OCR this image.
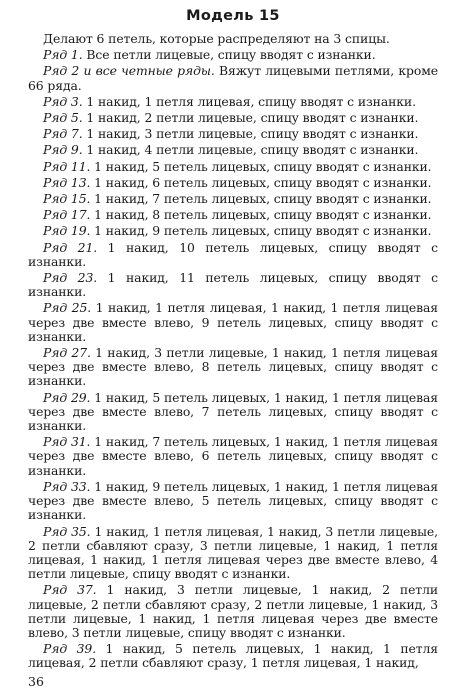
Модель 15

Делают 6 петель, которые распределяют на 3 спицы.

Ряд 1. Все петли лицевые, спицу вводят с изнанки.

Ряд 2 и все четные ряды. Вяжут лицевыми петлями, кроме 66 ряда.

Ряд 3. 1 накид, 1 петля лицевая, спицу вводят с изнанки.

Ряд 5. 1 накид, 2 петли лицевые, спицу вводят с изнанки.

Ряд 7. 1 накид, 3 петли лицевые, спицу вводят с изнанки.

Ряд 9. 1 накид, 4 петли лицевые, спицу вводят с изнанки.

Ряд 11. 1 накид, 5 петель лицевых, спицу вводят с изнанки.

Ряд 13. 1 накид, 6 петель лицевых, спицу вводят с изнанки.

Ряд 15. 1 накид, 7 петель лицевых, спицу вводят с изнанки.

Ряд 17. 1 накид, 8 петель лицевых, спицу вводят с изнанки.

Ряд 19. 1 накид, 9 петель лицевых, спицу вводят с изнанки.

Ряд 21. 1 накид, 10 петель лицевых, спицу вводят с изнанки.

Ряд 23. 1 накид, 11 петель лицевых, спицу вводят с изнанки.

Ряд 25. 1 накид, 1 петля лицевая, 1 накид, 1 петля лицевая через две вместе влево, 9 петель лицевых, спицу вводят с изнанки.

Ряд 27. 1 накид, 3 петли лицевые, 1 накид, 1 петля лицевая через две вместе влево, 8 петель лицевых, спицу вводят с изнанки.

Ряд 29. 1 накид, 5 петель лицевых, 1 накид, 1 петля лицевая через две вместе влево, 7 петель лицевых, спицу вводят с изнанки.

Ряд 31. 1 накид, 7 петель лицевых, 1 накид, 1 петля лицевая через две вместе влево, 6 петель лицевых, спицу вводят с изнанки.

Ряд 33. 1 накид, 9 петель лицевых, 1 накид, 1 петля лицевая через две вместе влево, 5 петель лицевых, спицу вводят с изнанки.

Ряд 35. 1 накид, 1 петля лицевая, 1 накид, 3 петли лицевые, 2 петли сбавляют сразу, 3 петли лицевые, 1 накид, 1 петля лицевая, 1 накид, 1 петля лицевая через две вместе влево, 4 петли лицевые, спицу вводят с изнанки.

Ряд 37. 1 накид, 3 петли лицевые, 1 накид, 2 петли лицевые, 2 петли сбавляют сразу, 2 петли лицевые, 1 накид, 3 петли лицевые, 1 накид, 1 петля лицевая через две вместе влево, 3 петли лицевые, спицу вводят с изнанки.

Ряд 39. 1 накид, 5 петель лицевых, 1 накид, 1 петля лицевая, 2 петли сбавляют сразу, 1 петля лицевая, 1 накид,

36
